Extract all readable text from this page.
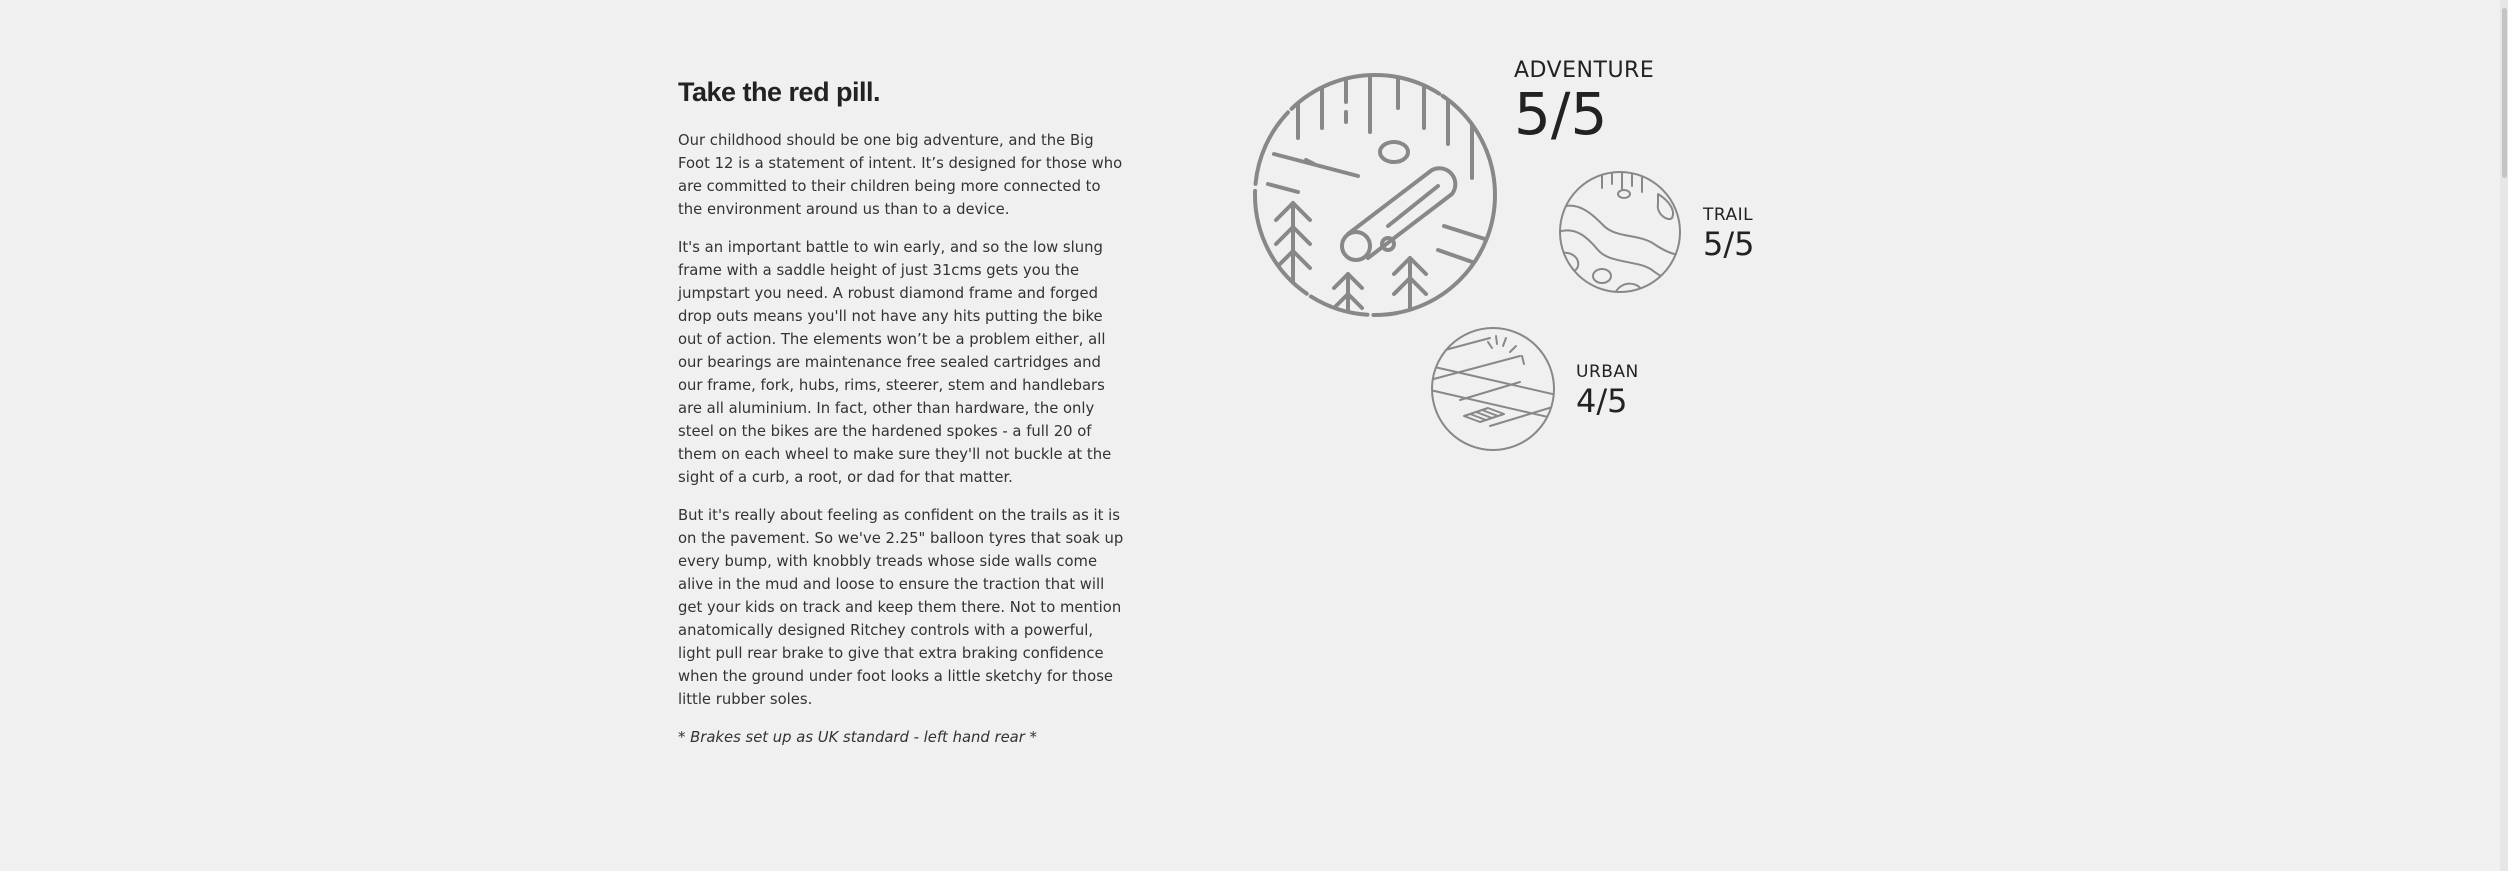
Take the red pill.

Our childhood should be one big adventure, and the Big Foot 12 is a statement of intent. It’s designed for those who are committed to their children being more connected to the environment around us than to a device.

It's an important battle to win early, and so the low slung frame with a saddle height of just 31cms gets you the jumpstart you need. A robust diamond frame and forged drop outs means you'll not have any hits putting the bike out of action. The elements won’t be a problem either, all our bearings are maintenance free sealed cartridges and our frame, fork, hubs, rims, steerer, stem and handlebars are all aluminium. In fact, other than hardware, the only steel on the bikes are the hardened spokes - a full 20 of them on each wheel to make sure they'll not buckle at the sight of a curb, a root, or dad for that matter.

But it's really about feeling as confident on the trails as it is on the pavement. So we've 2.25" balloon tyres that soak up every bump, with knobbly treads whose side walls come alive in the mud and loose to ensure the traction that will get your kids on track and keep them there. Not to mention anatomically designed Ritchey controls with a powerful, light pull rear brake to give that extra braking confidence when the ground under foot looks a little sketchy for those little rubber soles.

* Brakes set up as UK standard - left hand rear *

ADVENTURE
5/5
TRAIL
5/5
URBAN
4/5
